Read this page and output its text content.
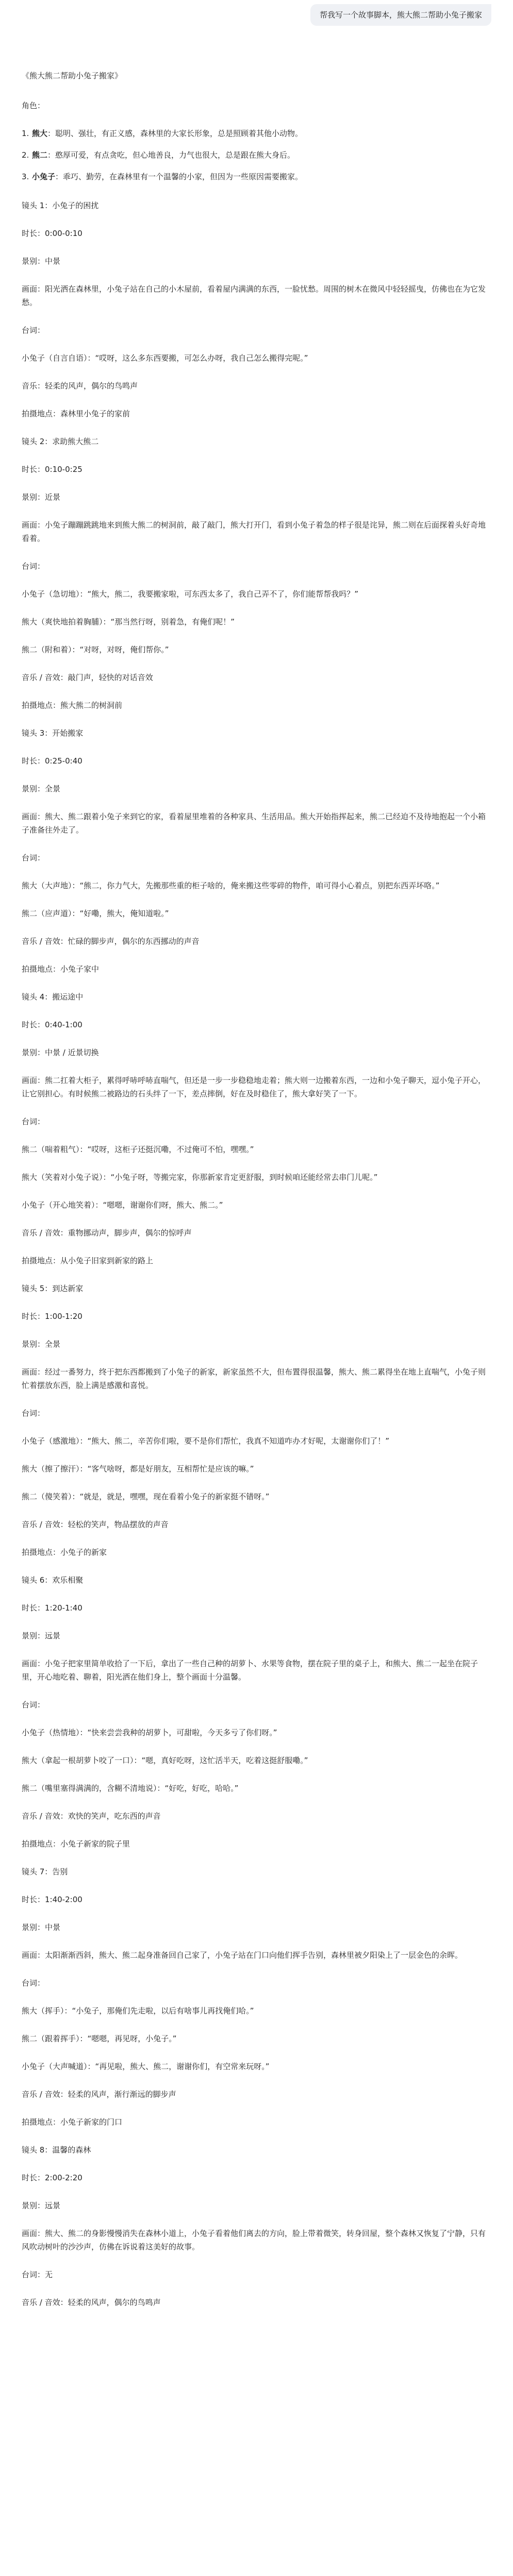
帮我写一个故事脚本，熊大熊二帮助小兔子搬家

《熊大熊二帮助小兔子搬家》

角色：

1. 熊大：聪明、强壮，有正义感，森林里的大家长形象，总是照顾着其他小动物。
2. 熊二：憨厚可爱，有点贪吃，但心地善良，力气也很大，总是跟在熊大身后。
3. 小兔子：乖巧、勤劳，在森林里有一个温馨的小家，但因为一些原因需要搬家。

镜头 1：小兔子的困扰

时长：0:00-0:10

景别：中景

画面：阳光洒在森林里，小兔子站在自己的小木屋前，看着屋内满满的东西，一脸忧愁。周围的树木在微风中轻轻摇曳，仿佛也在为它发愁。

台词：

小兔子（自言自语）：“哎呀，这么多东西要搬，可怎么办呀，我自己怎么搬得完呢。”

音乐：轻柔的风声，偶尔的鸟鸣声

拍摄地点：森林里小兔子的家前

镜头 2：求助熊大熊二

时长：0:10-0:25

景别：近景

画面：小兔子蹦蹦跳跳地来到熊大熊二的树洞前，敲了敲门，熊大打开门，看到小兔子着急的样子很是诧异，熊二则在后面探着头好奇地看着。

台词：

小兔子（急切地）：“熊大，熊二，我要搬家啦，可东西太多了，我自己弄不了，你们能帮帮我吗？”

熊大（爽快地拍着胸脯）：“那当然行呀，别着急，有俺们呢！”

熊二（附和着）：“对呀，对呀，俺们帮你。”

音乐 / 音效：敲门声，轻快的对话音效

拍摄地点：熊大熊二的树洞前

镜头 3：开始搬家

时长：0:25-0:40

景别：全景

画面：熊大、熊二跟着小兔子来到它的家，看着屋里堆着的各种家具、生活用品。熊大开始指挥起来，熊二已经迫不及待地抱起一个小箱子准备往外走了。

台词：

熊大（大声地）：“熊二，你力气大，先搬那些重的柜子啥的，俺来搬这些零碎的物件，咱可得小心着点，别把东西弄坏咯。”

熊二（应声道）：“好嘞，熊大，俺知道啦。”

音乐 / 音效：忙碌的脚步声，偶尔的东西挪动的声音

拍摄地点：小兔子家中

镜头 4：搬运途中

时长：0:40-1:00

景别：中景 / 近景切换

画面：熊二扛着大柜子，累得呼哧呼哧直喘气，但还是一步一步稳稳地走着；熊大则一边搬着东西，一边和小兔子聊天，逗小兔子开心，让它别担心。有时候熊二被路边的石头绊了一下，差点摔倒，好在及时稳住了，熊大拿好笑了一下。

台词：

熊二（喘着粗气）：“哎呀，这柜子还挺沉嘞，不过俺可不怕，嘿嘿。”

熊大（笑着对小兔子说）：“小兔子呀，等搬完家，你那新家肯定更舒服，到时候咱还能经常去串门儿呢。”

小兔子（开心地笑着）：“嗯嗯，谢谢你们呀，熊大、熊二。”

音乐 / 音效：重物挪动声，脚步声，偶尔的惊呼声

拍摄地点：从小兔子旧家到新家的路上

镜头 5：到达新家

时长：1:00-1:20

景别：全景

画面：经过一番努力，终于把东西都搬到了小兔子的新家，新家虽然不大，但布置得很温馨，熊大、熊二累得坐在地上直喘气，小兔子则忙着摆放东西，脸上满是感激和喜悦。

台词：

小兔子（感激地）：“熊大、熊二，辛苦你们啦，要不是你们帮忙，我真不知道咋办才好呢，太谢谢你们了！”

熊大（擦了擦汗）：“客气啥呀，都是好朋友，互相帮忙是应该的嘛。”

熊二（傻笑着）：“就是，就是，嘿嘿，现在看着小兔子的新家挺不错呀。”

音乐 / 音效：轻松的笑声，物品摆放的声音

拍摄地点：小兔子的新家

镜头 6：欢乐相聚

时长：1:20-1:40

景别：远景

画面：小兔子把家里简单收拾了一下后，拿出了一些自己种的胡萝卜、水果等食物，摆在院子里的桌子上，和熊大、熊二一起坐在院子里，开心地吃着、聊着，阳光洒在他们身上，整个画面十分温馨。

台词：

小兔子（热情地）：“快来尝尝我种的胡萝卜，可甜啦，今天多亏了你们呀。”

熊大（拿起一根胡萝卜咬了一口）：“嗯，真好吃呀，这忙活半天，吃着这挺舒服嘞。”

熊二（嘴里塞得满满的，含糊不清地说）：“好吃，好吃，哈哈。”

音乐 / 音效：欢快的笑声，吃东西的声音

拍摄地点：小兔子新家的院子里

镜头 7：告别

时长：1:40-2:00

景别：中景

画面：太阳渐渐西斜，熊大、熊二起身准备回自己家了，小兔子站在门口向他们挥手告别，森林里被夕阳染上了一层金色的余晖。

台词：

熊大（挥手）：“小兔子，那俺们先走啦，以后有啥事儿再找俺们哈。”

熊二（跟着挥手）：“嗯嗯，再见呀，小兔子。”

小兔子（大声喊道）：“再见啦，熊大、熊二，谢谢你们，有空常来玩呀。”

音乐 / 音效：轻柔的风声，渐行渐远的脚步声

拍摄地点：小兔子新家的门口

镜头 8：温馨的森林

时长：2:00-2:20

景别：远景

画面：熊大、熊二的身影慢慢消失在森林小道上，小兔子看着他们离去的方向，脸上带着微笑，转身回屋，整个森林又恢复了宁静，只有风吹动树叶的沙沙声，仿佛在诉说着这美好的故事。

台词：无

音乐 / 音效：轻柔的风声，偶尔的鸟鸣声
